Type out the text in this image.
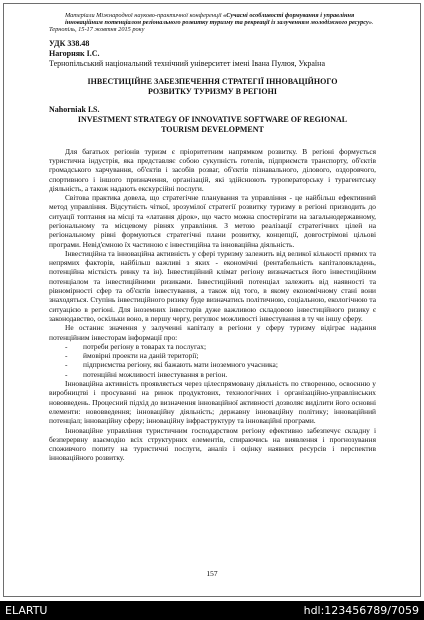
Матеріали Міжнародної науково-практичної конференції «Сучасні особливості формування і управління інноваційним потенціалом регіонального розвитку туризму та рекреації із залученням молодіжного ресурсу».
Тернопіль, 15-17 жовтня 2015 року
УДК 338.48
Нагорняк І.С.
Тернопільський національний технічний університет імені Івана Пулюя, Україна
ІНВЕСТИЦІЙНЕ ЗАБЕЗПЕЧЕННЯ СТРАТЕГІЇ ІННОВАЦІЙНОГО РОЗВИТКУ ТУРИЗМУ В РЕГІОНІ
Nahorniak I.S.
INVESTMENT STRATEGY OF INNOVATIVE SOFTWARE OF REGIONAL TOURISM DEVELOPMENT

Для багатьох регіонів туризм є пріоритетним напрямком розвитку. В регіоні формується туристична індустрія, яка представляє собою сукупність готелів, підприємств транспорту, об'єктів громадського харчування, об'єктів і засобів розваг, об'єктів пізнавального, ділового, оздоровчого, спортивного і іншого призначення, організацій, які здійснюють туроператорську і турагентську діяльність, а також надають екскурсійні послуги.

Світова практика довела, що стратегічне планування та управління - це найбільш ефективний метод управління. Відсутність чіткої, зрозумілої стратегії розвитку туризму в регіоні призводить до ситуації топтання на місці та «латання дірок», що часто можна спостерігати на загальнодержавному, регіональному та місцевому рівнях управління. З метою реалізації стратегічних цілей на регіональному рівні формуються стратегічні плани розвитку, концепції, довгострімові цільові програми. Невід'ємною їх частиною є інвестиційна та інноваційна діяльність.

Інвестиційна та інноваційна активність у сфері туризму залежить від великої кількості прямих та непрямих факторів, найбільш важливі з яких - економічні (рентабельність капіталовкладень, потенційна місткість ринку та ін). Інвестиційний клімат регіону визначається його інвестиційним потенціалом та інвестиційними ризиками. Інвестиційний потенціал залежить від наявності та рівномірності сфер та об'єктів інвестування, а також від того, в якому економічному стані вони знаходяться. Ступінь інвестиційного ризику буде визначатись політичною, соціальною, екологічною та ситуацією в регіоні. Для іноземних інвесторів дуже важливою складовою інвестиційного ризику є законодавство, оскільки воно, в першу чергу, регулює можливості інвестування в ту чи іншу сферу.

Не останнє значення у залученні капіталу в регіони у сферу туризму відіграє надання потенційним інвесторам інформації про:

- потреби регіону в товарах та послугах;
- ймовірні проекти на даній території;
- підприємства регіону, які бажають мати іноземного учасника;
- потенційні можливості інвестування в регіон.

Інноваційна активність проявляється через цілеспрямовану діяльність по створенню, освоєнню у виробництві і просуванні на ринок продуктових, технологічних і організаційно-управлінських нововведень. Процесний підхід до визначення інноваційної активності дозволяє виділити його основні елементи: нововведення; інноваційну діяльність; державну інноваційну політику; інноваційний потенціал; інноваційну сферу; інноваційну інфраструктуру та інноваційні програми.

Інноваційне управління туристичним господарством регіону ефективно забезпечує складну і безперервну взаємодію всіх структурних елементів, спираючись на виявлення і прогнозування споживчого попиту на туристичні послуги, аналіз і оцінку наявних ресурсів і перспектив інноваційного розвитку.

157
ELARTU	hdl:123456789/7059
